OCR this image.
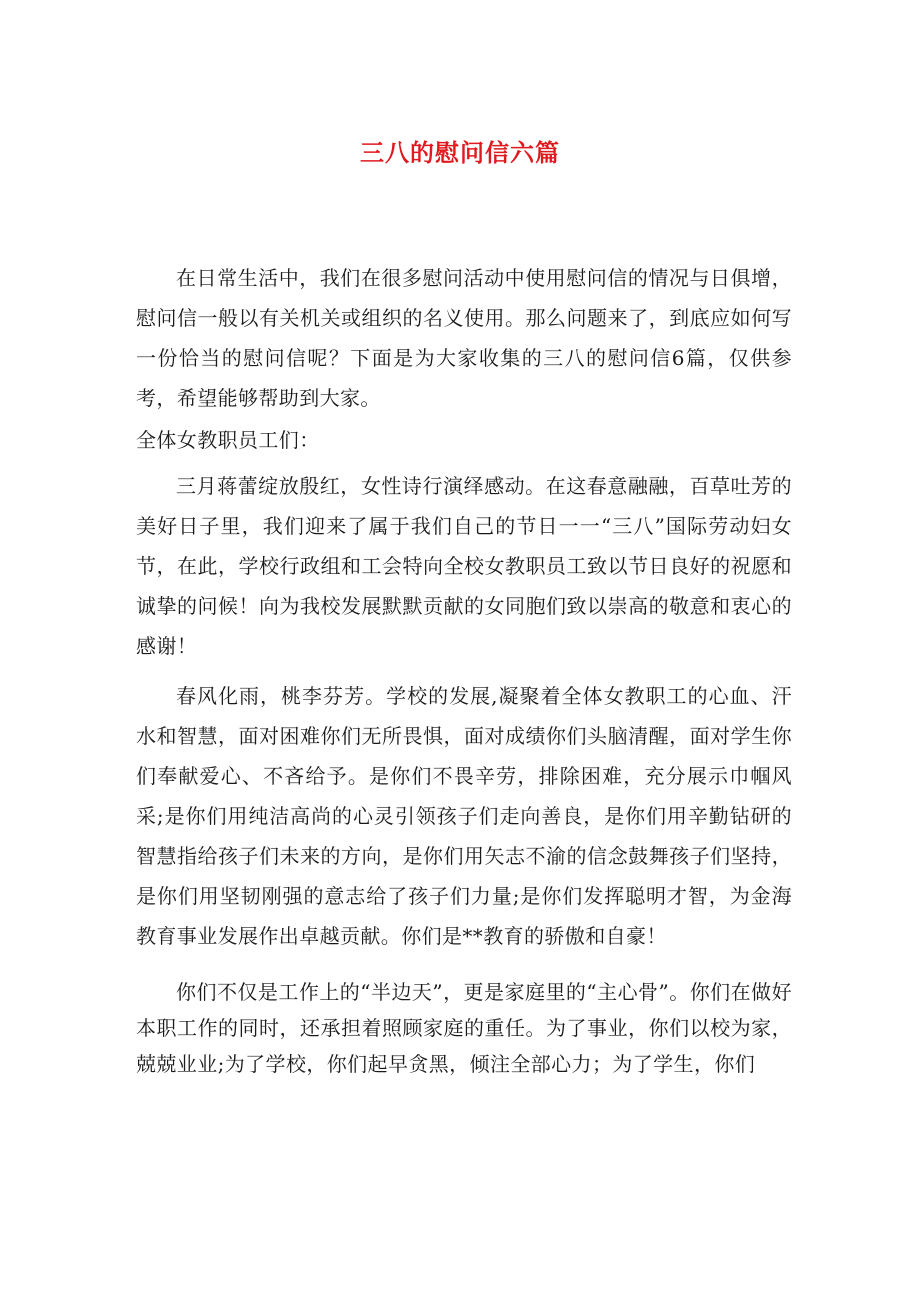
三八的慰问信六篇

在日常生活中，我们在很多慰问活动中使用慰问信的情况与日俱增，慰问信一般以有关机关或组织的名义使用。那么问题来了，到底应如何写一份恰当的慰问信呢？下面是为大家收集的三八的慰问信6篇，仅供参考，希望能够帮助到大家。

全体女教职员工们：

三月蒋蕾绽放殷红，女性诗行演绎感动。在这春意融融，百草吐芳的美好日子里，我们迎来了属于我们自己的节日一一“三八”国际劳动妇女节，在此，学校行政组和工会特向全校女教职员工致以节日良好的祝愿和诚挚的问候！向为我校发展默默贡献的女同胞们致以崇高的敬意和衷心的感谢！

春风化雨，桃李芬芳。学校的发展,凝聚着全体女教职工的心血、汗水和智慧，面对困难你们无所畏惧，面对成绩你们头脑清醒，面对学生你们奉献爱心、不吝给予。是你们不畏辛劳，排除困难，充分展示巾帼风采;是你们用纯洁高尚的心灵引领孩子们走向善良，是你们用辛勤钻研的智慧指给孩子们未来的方向，是你们用矢志不渝的信念鼓舞孩子们坚持，是你们用坚韧刚强的意志给了孩子们力量;是你们发挥聪明才智，为金海教育事业发展作出卓越贡献。你们是**教育的骄傲和自豪！

你们不仅是工作上的“半边天”，更是家庭里的“主心骨”。你们在做好本职工作的同时，还承担着照顾家庭的重任。为了事业，你们以校为家，兢兢业业;为了学校，你们起早贪黑，倾注全部心力；为了学生，你们
